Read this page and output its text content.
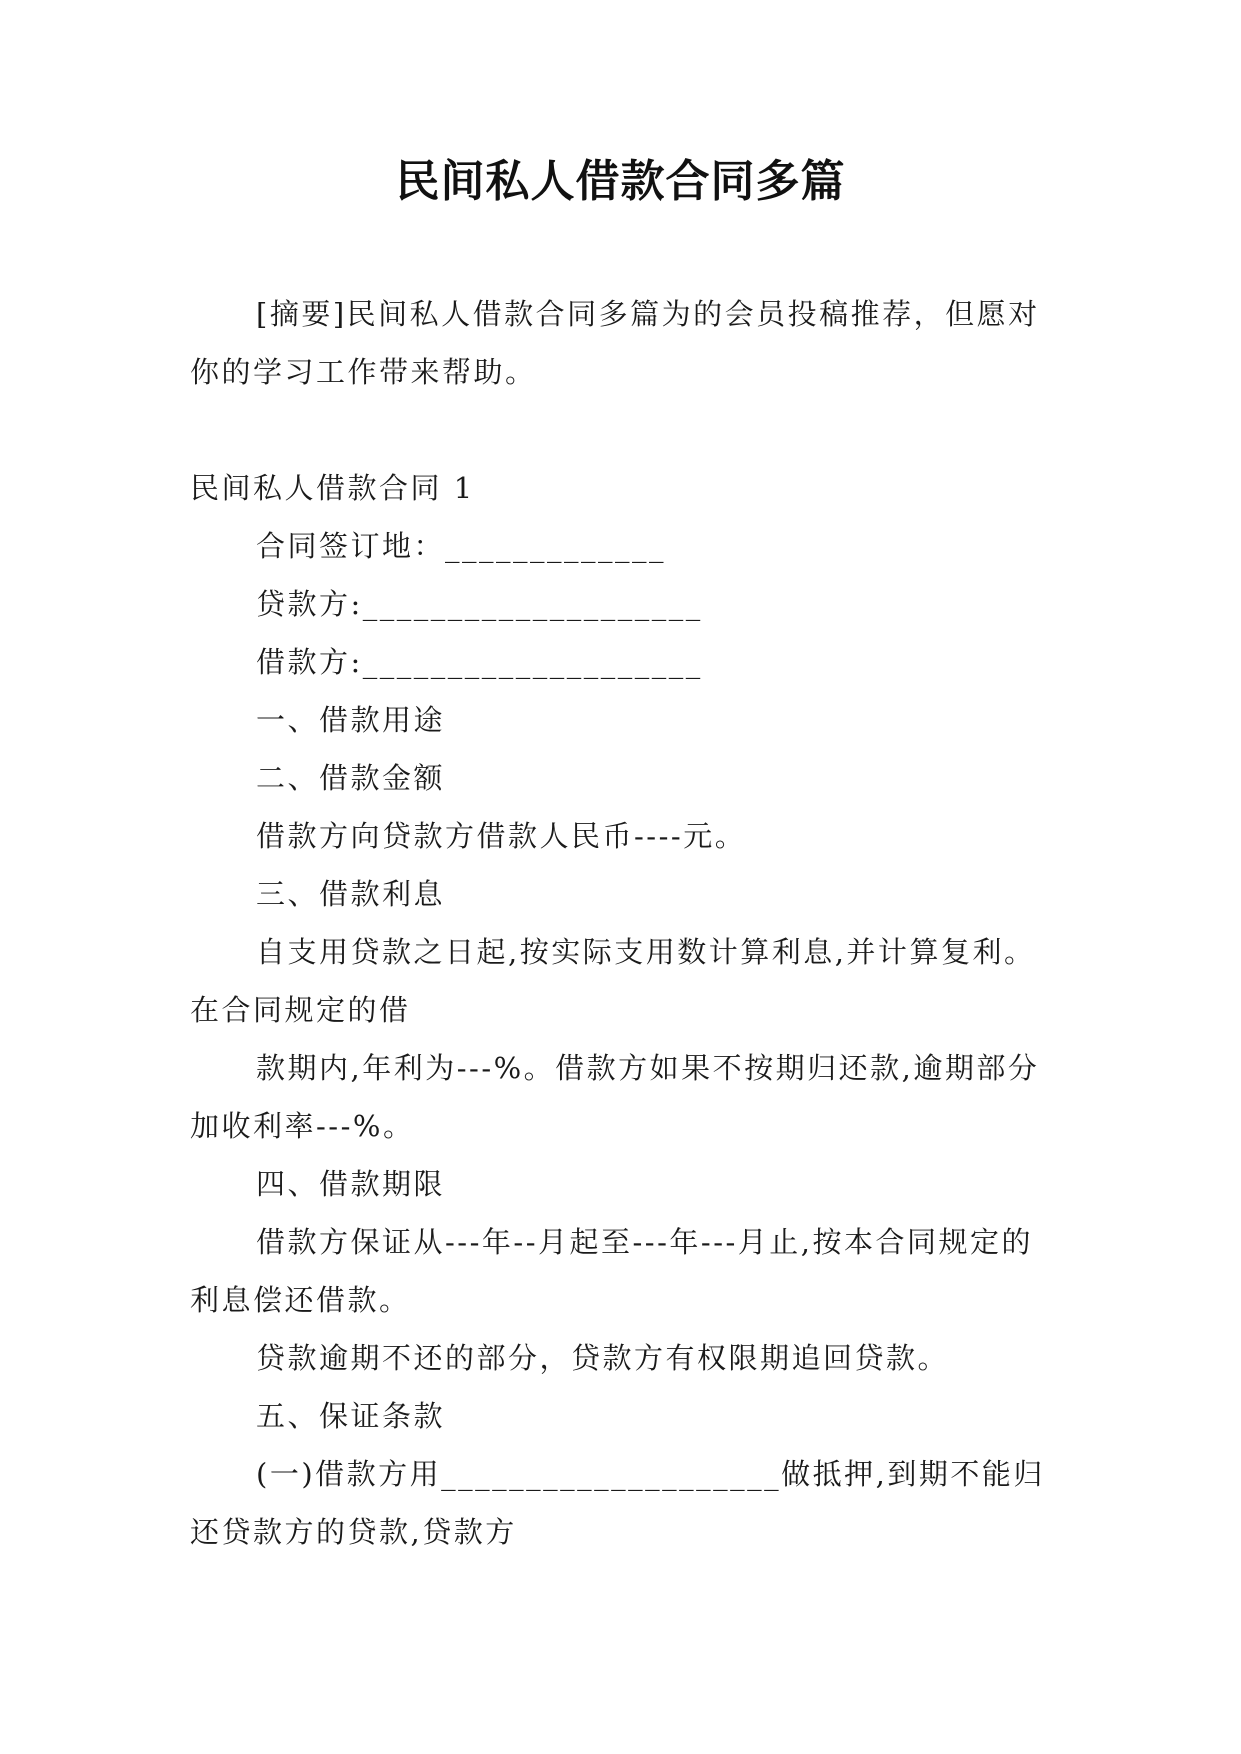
民间私人借款合同多篇

[摘要]民间私人借款合同多篇为的会员投稿推荐，但愿对你的学习工作带来帮助。

民间私人借款合同 1

合同签订地：_____________

贷款方:____________________

借款方:____________________

一、借款用途

二、借款金额

借款方向贷款方借款人民币----元。

三、借款利息

自支用贷款之日起,按实际支用数计算利息,并计算复利。在合同规定的借

款期内,年利为---%。借款方如果不按期归还款,逾期部分加收利率---%。

四、借款期限

借款方保证从---年--月起至---年---月止,按本合同规定的利息偿还借款。

贷款逾期不还的部分，贷款方有权限期追回贷款。

五、保证条款

(一)借款方用____________________做抵押,到期不能归还贷款方的贷款,贷款方
